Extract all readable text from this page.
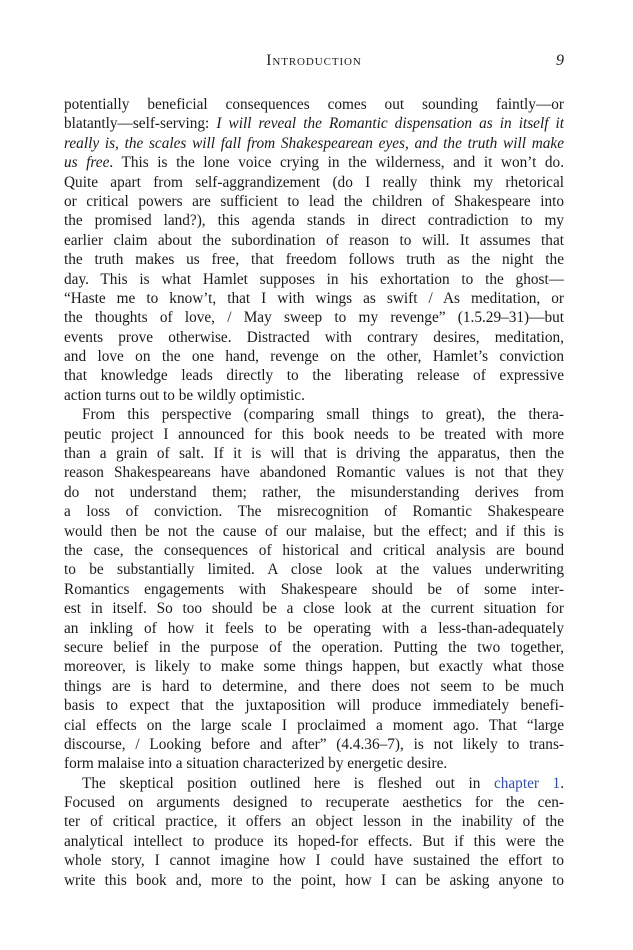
Introduction	9
potentially beneficial consequences comes out sounding faintly—or
blatantly—self-serving: I will reveal the Romantic dispensation as in itself it
really is, the scales will fall from Shakespearean eyes, and the truth will make
us free. This is the lone voice crying in the wilderness, and it won’t do.
Quite apart from self-aggrandizement (do I really think my rhetorical
or critical powers are sufficient to lead the children of Shakespeare into
the promised land?), this agenda stands in direct contradiction to my
earlier claim about the subordination of reason to will. It assumes that
the truth makes us free, that freedom follows truth as the night the
day. This is what Hamlet supposes in his exhortation to the ghost—
“Haste me to know’t, that I with wings as swift / As meditation, or
the thoughts of love, / May sweep to my revenge” (1.5.29–31)—but
events prove otherwise. Distracted with contrary desires, meditation,
and love on the one hand, revenge on the other, Hamlet’s conviction
that knowledge leads directly to the liberating release of expressive
action turns out to be wildly optimistic.
From this perspective (comparing small things to great), the thera-
peutic project I announced for this book needs to be treated with more
than a grain of salt. If it is will that is driving the apparatus, then the
reason Shakespeareans have abandoned Romantic values is not that they
do not understand them; rather, the misunderstanding derives from
a loss of conviction. The misrecognition of Romantic Shakespeare
would then be not the cause of our malaise, but the effect; and if this is
the case, the consequences of historical and critical analysis are bound
to be substantially limited. A close look at the values underwriting
Romantics engagements with Shakespeare should be of some inter-
est in itself. So too should be a close look at the current situation for
an inkling of how it feels to be operating with a less-than-adequately
secure belief in the purpose of the operation. Putting the two together,
moreover, is likely to make some things happen, but exactly what those
things are is hard to determine, and there does not seem to be much
basis to expect that the juxtaposition will produce immediately benefi-
cial effects on the large scale I proclaimed a moment ago. That “large
discourse, / Looking before and after” (4.4.36–7), is not likely to trans-
form malaise into a situation characterized by energetic desire.
The skeptical position outlined here is fleshed out in chapter 1.
Focused on arguments designed to recuperate aesthetics for the cen-
ter of critical practice, it offers an object lesson in the inability of the
analytical intellect to produce its hoped-for effects. But if this were the
whole story, I cannot imagine how I could have sustained the effort to
write this book and, more to the point, how I can be asking anyone to
